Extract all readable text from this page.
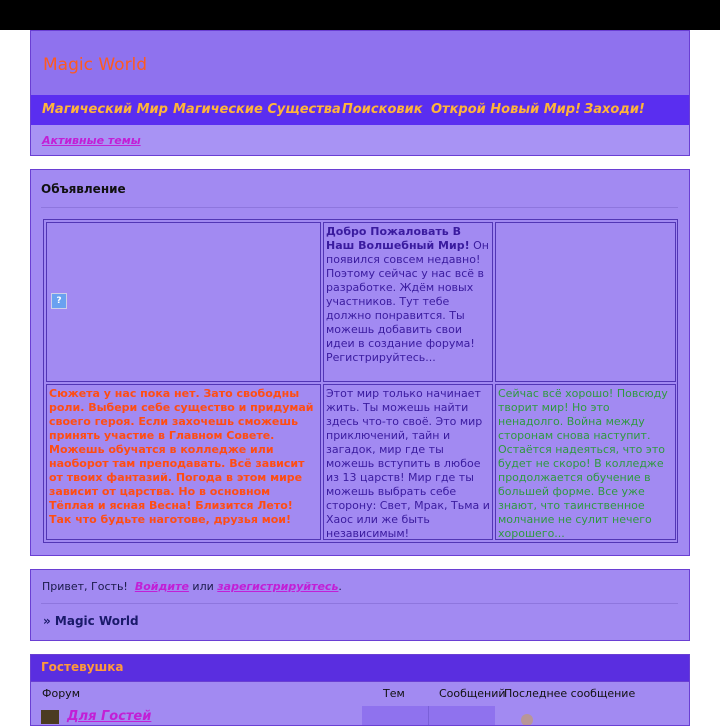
Magic World
Магический Мир Магические Существа Поисковик Открой Новый Мир! Заходи!
Активные темы
Объявление
?
Добро Пожаловать В Наш Волшебный Мир! Он появился совсем недавно! Поэтому сейчас у нас всё в разработке. Ждём новых участников. Тут тебе должно понравится. Ты можешь добавить свои идеи в создание форума! Регистрируйтесь...
Сюжета у нас пока нет. Зато свободны роли. Выбери себе существо и придумай своего героя. Если захочешь сможешь принять участие в Главном Совете. Можешь обучатся в колледже или наоборот там преподавать. Всё зависит от твоих фантазий. Погода в этом мире зависит от царства. Но в основном Тёплая и ясная Весна! Близится Лето! Так что будьте наготове, друзья мои!
Этот мир только начинает жить. Ты можешь найти здесь что-то своё. Это мир приключений, тайн и загадок, мир где ты можешь вступить в любое из 13 царств! Мир где ты можешь выбрать себе сторону: Свет, Мрак, Тьма и Хаос или же быть независимым!
Сейчас всё хорошо! Повсюду творит мир! Но это ненадолго. Война между сторонам снова наступит. Остаётся надеяться, что это будет не скоро! В колледже продолжается обучение в большей форме. Все уже знают, что таинственное молчание не сулит нечего хорошего...
Привет, Гость! Войдите или зарегистрируйтесь.
» Magic World
Гостевушка
Форум	Тем	Сообщений
Последнее сообщение
Для Гостей
